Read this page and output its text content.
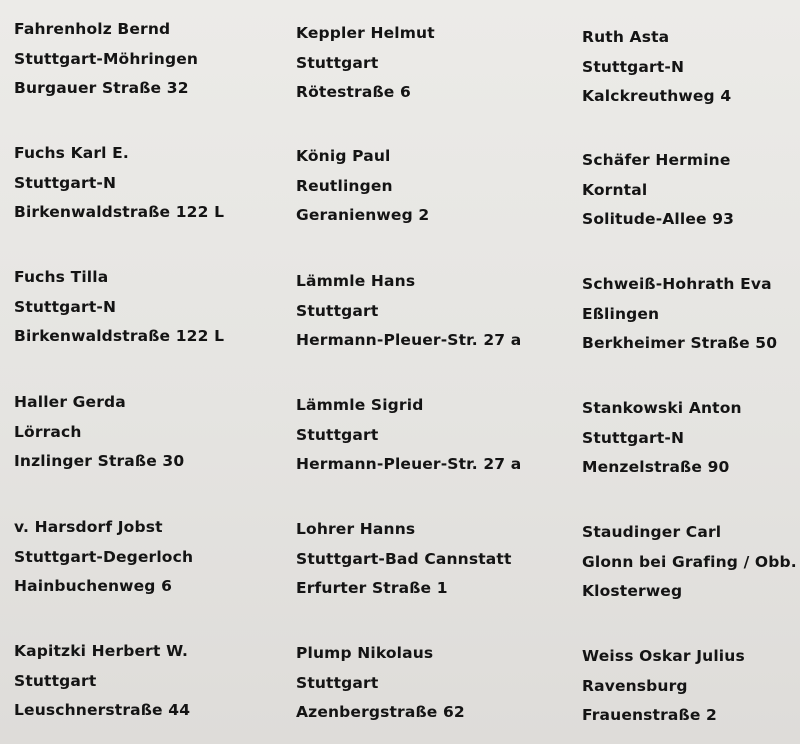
Fahrenholz Bernd
Stuttgart-Möhringen
Burgauer Straße 32
Fuchs Karl E.
Stuttgart-N
Birkenwaldstraße 122 L
Fuchs Tilla
Stuttgart-N
Birkenwaldstraße 122 L
Haller Gerda
Lörrach
Inzlinger Straße 30
v. Harsdorf Jobst
Stuttgart-Degerloch
Hainbuchenweg 6
Kapitzki Herbert W.
Stuttgart
Leuschnerstraße 44
Keppler Helmut
Stuttgart
Rötestraße 6
König Paul
Reutlingen
Geranienweg 2
Lämmle Hans
Stuttgart
Hermann-Pleuer-Str. 27 a
Lämmle Sigrid
Stuttgart
Hermann-Pleuer-Str. 27 a
Lohrer Hanns
Stuttgart-Bad Cannstatt
Erfurter Straße 1
Plump Nikolaus
Stuttgart
Azenbergstraße 62
Ruth Asta
Stuttgart-N
Kalckreuthweg 4
Schäfer Hermine
Korntal
Solitude-Allee 93
Schweiß-Hohrath Eva
Eßlingen
Berkheimer Straße 50
Stankowski Anton
Stuttgart-N
Menzelstraße 90
Staudinger Carl
Glonn bei Grafing / Obb.
Klosterweg
Weiss Oskar Julius
Ravensburg
Frauenstraße 2
